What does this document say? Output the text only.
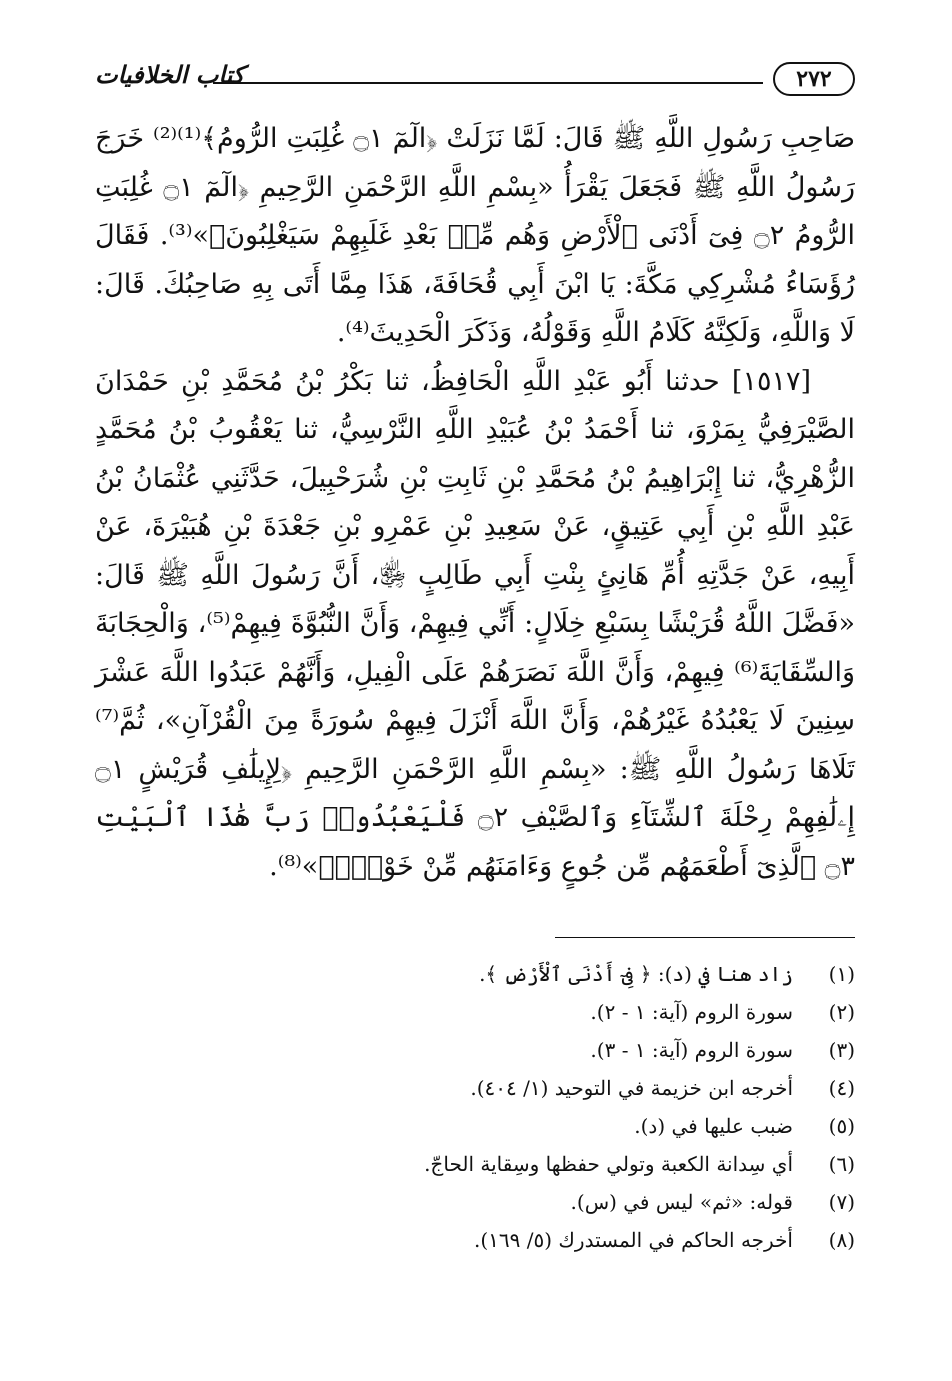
٢٧٢
كتاب الخلافيات

صَاحِبِ رَسُولِ اللَّهِ ﷺ قَالَ: لَمَّا نَزَلَتْ ﴿الٓمٓ ۝١ غُلِبَتِ الرُّومُ﴾⁽¹⁾⁽²⁾ خَرَجَ رَسُولُ اللَّهِ ﷺ فَجَعَلَ يَقْرَأُ «بِسْمِ اللَّهِ الرَّحْمَنِ الرَّحِيمِ ﴿الٓمٓ ۝١ غُلِبَتِ الرُّومُ ۝٢ فِىٓ أَدْنَى ٱلْأَرْضِ وَهُم مِّنۢ بَعْدِ غَلَبِهِمْ سَيَغْلِبُونَ﴾»⁽³⁾. فَقَالَ رُؤَسَاءُ مُشْرِكِي مَكَّةَ: يَا ابْنَ أَبِي قُحَافَةَ، هَذَا مِمَّا أَتَى بِهِ صَاحِبُكَ. قَالَ: لَا وَاللَّهِ، وَلَكِنَّهُ كَلَامُ اللَّهِ وَقَوْلُهُ، وَذَكَرَ الْحَدِيثَ⁽⁴⁾.

[١٥١٧] حدثنا أَبُو عَبْدِ اللَّهِ الْحَافِظُ، ثنا بَكْرُ بْنُ مُحَمَّدِ بْنِ حَمْدَانَ الصَّيْرَفِيُّ بِمَرْوَ، ثنا أَحْمَدُ بْنُ عُبَيْدِ اللَّهِ النَّرْسِيُّ، ثنا يَعْقُوبُ بْنُ مُحَمَّدٍ الزُّهْرِيُّ، ثنا إِبْرَاهِيمُ بْنُ مُحَمَّدِ بْنِ ثَابِتِ بْنِ شُرَحْبِيلَ، حَدَّثَنِي عُثْمَانُ بْنُ عَبْدِ اللَّهِ بْنِ أَبِي عَتِيقٍ، عَنْ سَعِيدِ بْنِ عَمْرِو بْنِ جَعْدَةَ بْنِ هُبَيْرَةَ، عَنْ أَبِيهِ، عَنْ جَدَّتِهِ أُمِّ هَانِئٍ بِنْتِ أَبِي طَالِبٍ ﵂، أَنَّ رَسُولَ اللَّهِ ﷺ قَالَ: «فَضَّلَ اللَّهُ قُرَيْشًا بِسَبْعِ خِلَالٍ: أَنِّي فِيهِمْ، وَأَنَّ النُّبُوَّةَ فِيهِمْ⁽⁵⁾، وَالْحِجَابَةَ وَالسِّقَايَةَ⁽⁶⁾ فِيهِمْ، وَأَنَّ اللَّهَ نَصَرَهُمْ عَلَى الْفِيلِ، وَأَنَّهُمْ عَبَدُوا اللَّهَ عَشْرَ سِنِينَ لَا يَعْبُدُهُ غَيْرُهُمْ، وَأَنَّ اللَّهَ أَنْزَلَ فِيهِمْ سُورَةً مِنَ الْقُرْآنِ»، ثُمَّ⁽⁷⁾ تَلَاهَا رَسُولُ اللَّهِ ﷺ: «بِسْمِ اللَّهِ الرَّحْمَنِ الرَّحِيمِ ﴿لِإِيلَٰفِ قُرَيْشٍ ۝١ إِۦلَٰفِهِمْ رِحْلَةَ ٱلشِّتَآءِ وَٱلصَّيْفِ ۝٢ فَلْيَعْبُدُوا۟ رَبَّ هَٰذَا ٱلْبَيْتِ ۝٣ ٱلَّذِىٓ أَطْعَمَهُم مِّن جُوعٍ وَءَامَنَهُم مِّنْ خَوْفٍۭ﴾»⁽⁸⁾.

(١)
زاد هنا في (د): ﴿ فِىٓ أَدْنَى ٱلْأَرْضِ ﴾.
(٢)
سورة الروم (آية: ١ - ٢).
(٣)
سورة الروم (آية: ١ - ٣).
(٤)
أخرجه ابن خزيمة في التوحيد (١/ ٤٠٤).
(٥)
ضبب عليها في (د).
(٦)
أي سِدانة الكعبة وتولي حفظها وسِقاية الحاجّ.
(٧)
قوله: «ثم» ليس في (س).
(٨)
أخرجه الحاكم في المستدرك (٥/ ١٦٩).
